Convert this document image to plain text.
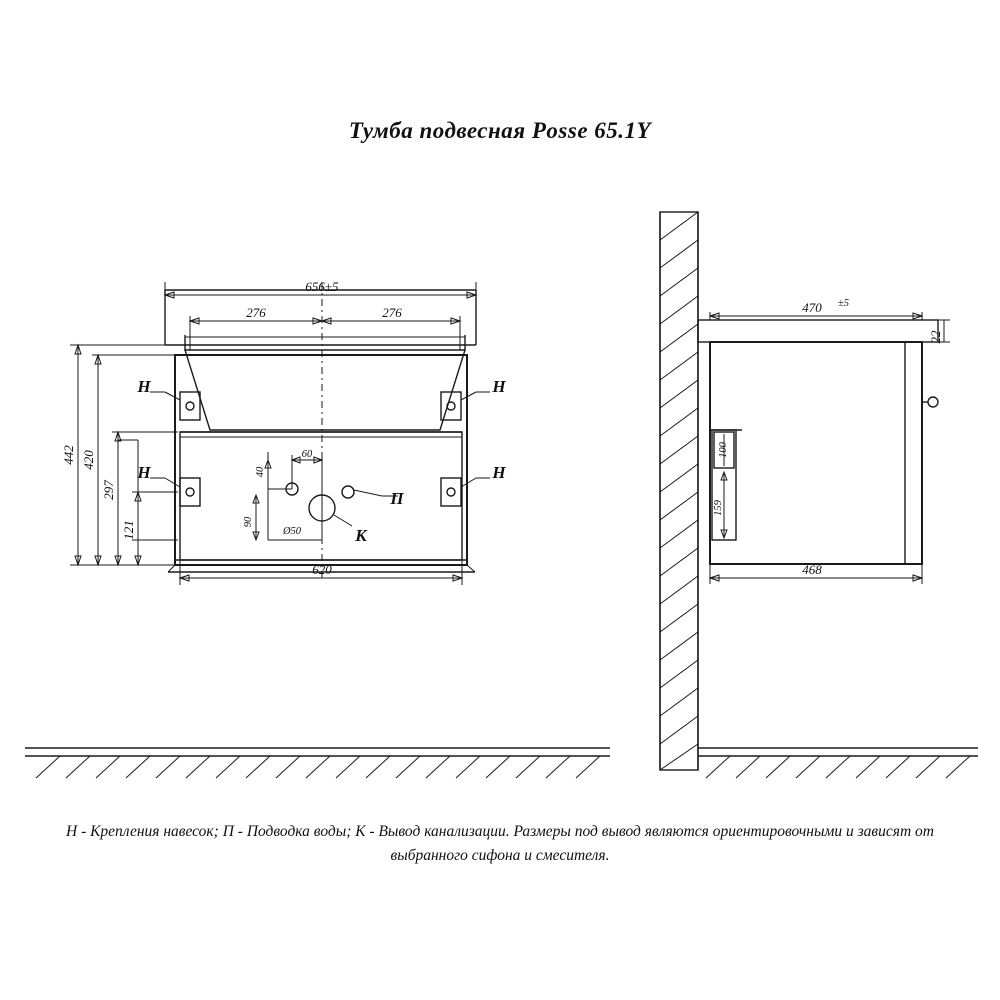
Тумба подвесная Posse 65.1Y
656±5
276	276
620
442 420
297
121
40
60
90
Ø50
Н	Н
Н	Н
П
К
470 ±5
22
468
100
159
Н - Крепления навесок; П - Подводка воды; К - Вывод канализации. Размеры под вывод являются ориентировочными и зависят от выбранного сифона и смесителя.
